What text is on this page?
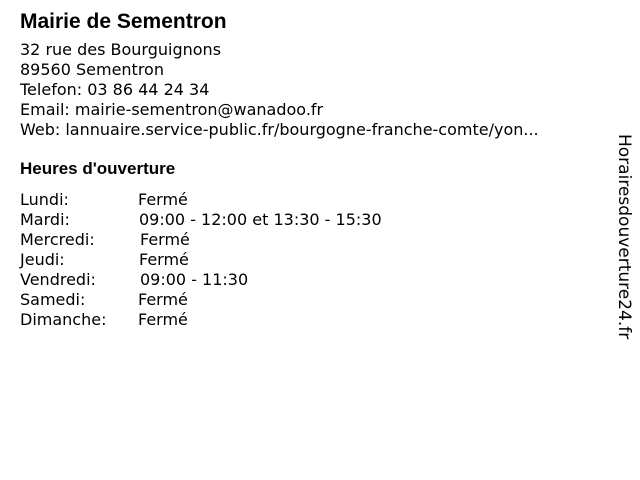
Mairie de Sementron
32 rue des Bourguignons
89560 Sementron
Telefon: 03 86 44 24 34
Email: mairie-sementron@wanadoo.fr
Web: lannuaire.service-public.fr/bourgogne-franche-comte/yon...
Heures d'ouverture
Lundi:	Fermé
Mardi:	09:00 - 12:00 et 13:30 - 15:30
Mercredi:	Fermé
Jeudi:	Fermé
Vendredi:	09:00 - 11:30
Samedi:	Fermé
Dimanche:	Fermé	Horairesdouverture24.fr
